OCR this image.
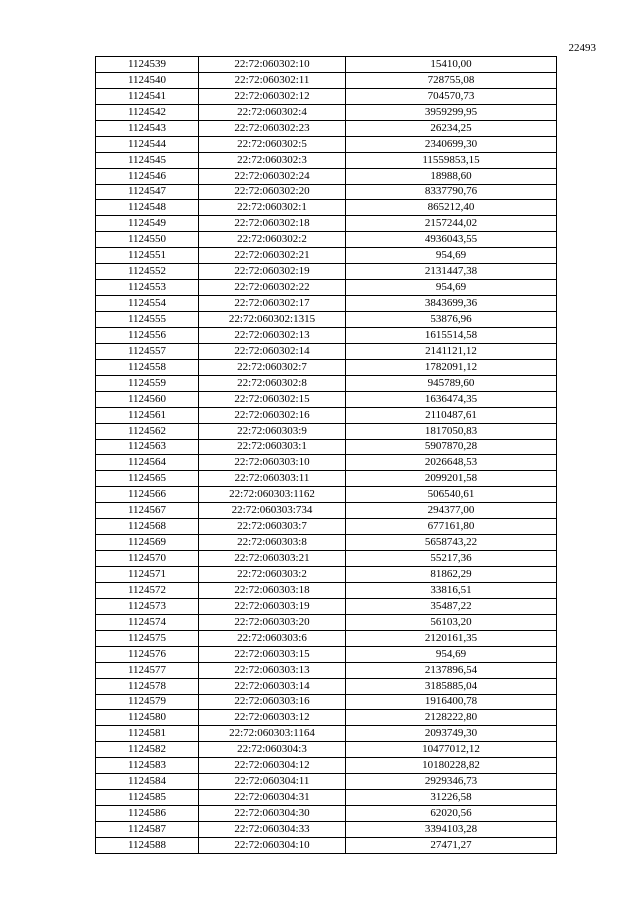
22493
1124539	22:72:060302:10	15410,00
1124540	22:72:060302:11	728755,08
1124541	22:72:060302:12	704570,73
1124542	22:72:060302:4	3959299,95
1124543	22:72:060302:23	26234,25
1124544	22:72:060302:5	2340699,30
1124545	22:72:060302:3	11559853,15
1124546	22:72:060302:24	18988,60
1124547	22:72:060302:20	8337790,76
1124548	22:72:060302:1	865212,40
1124549	22:72:060302:18	2157244,02
1124550	22:72:060302:2	4936043,55
1124551	22:72:060302:21	954,69
1124552	22:72:060302:19	2131447,38
1124553	22:72:060302:22	954,69
1124554	22:72:060302:17	3843699,36
1124555	22:72:060302:1315	53876,96
1124556	22:72:060302:13	1615514,58
1124557	22:72:060302:14	2141121,12
1124558	22:72:060302:7	1782091,12
1124559	22:72:060302:8	945789,60
1124560	22:72:060302:15	1636474,35
1124561	22:72:060302:16	2110487,61
1124562	22:72:060303:9	1817050,83
1124563	22:72:060303:1	5907870,28
1124564	22:72:060303:10	2026648,53
1124565	22:72:060303:11	2099201,58
1124566	22:72:060303:1162	506540,61
1124567	22:72:060303:734	294377,00
1124568	22:72:060303:7	677161,80
1124569	22:72:060303:8	5658743,22
1124570	22:72:060303:21	55217,36
1124571	22:72:060303:2	81862,29
1124572	22:72:060303:18	33816,51
1124573	22:72:060303:19	35487,22
1124574	22:72:060303:20	56103,20
1124575	22:72:060303:6	2120161,35
1124576	22:72:060303:15	954,69
1124577	22:72:060303:13	2137896,54
1124578	22:72:060303:14	3185885,04
1124579	22:72:060303:16	1916400,78
1124580	22:72:060303:12	2128222,80
1124581	22:72:060303:1164	2093749,30
1124582	22:72:060304:3	10477012,12
1124583	22:72:060304:12	10180228,82
1124584	22:72:060304:11	2929346,73
1124585	22:72:060304:31	31226,58
1124586	22:72:060304:30	62020,56
1124587	22:72:060304:33	3394103,28
1124588	22:72:060304:10	27471,27
